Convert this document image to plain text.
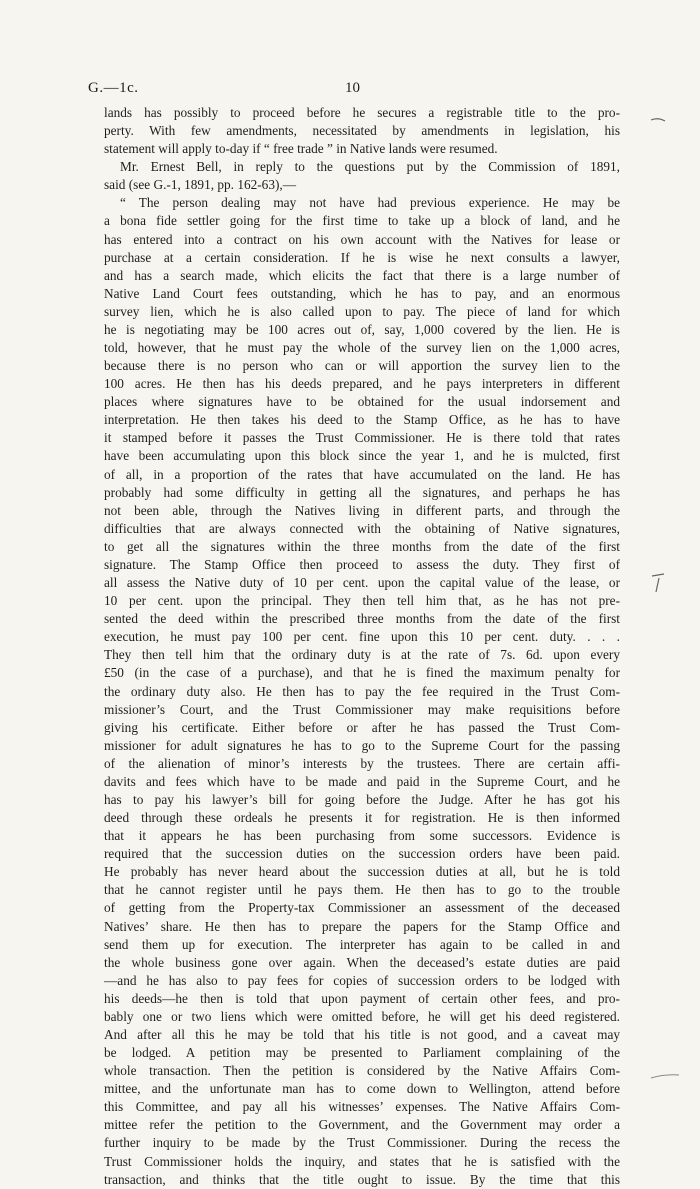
G.—1c.	10
lands has possibly to proceed before he secures a registrable title to the pro-
perty. With few amendments, necessitated by amendments in legislation, his
statement will apply to-day if “ free trade ” in Native lands were resumed.
Mr. Ernest Bell, in reply to the questions put by the Commission of 1891,
said (see G.-1, 1891, pp. 162-63),—
“ The person dealing may not have had previous experience. He may be
a bona fide settler going for the first time to take up a block of land, and he
has entered into a contract on his own account with the Natives for lease or
purchase at a certain consideration. If he is wise he next consults a lawyer,
and has a search made, which elicits the fact that there is a large number of
Native Land Court fees outstanding, which he has to pay, and an enormous
survey lien, which he is also called upon to pay. The piece of land for which
he is negotiating may be 100 acres out of, say, 1,000 covered by the lien. He is
told, however, that he must pay the whole of the survey lien on the 1,000 acres,
because there is no person who can or will apportion the survey lien to the
100 acres. He then has his deeds prepared, and he pays interpreters in different
places where signatures have to be obtained for the usual indorsement and
interpretation. He then takes his deed to the Stamp Office, as he has to have
it stamped before it passes the Trust Commissioner. He is there told that rates
have been accumulating upon this block since the year 1, and he is mulcted, first
of all, in a proportion of the rates that have accumulated on the land. He has
probably had some difficulty in getting all the signatures, and perhaps he has
not been able, through the Natives living in different parts, and through the
difficulties that are always connected with the obtaining of Native signatures,
to get all the signatures within the three months from the date of the first
signature. The Stamp Office then proceed to assess the duty. They first of
all assess the Native duty of 10 per cent. upon the capital value of the lease, or
10 per cent. upon the principal. They then tell him that, as he has not pre-
sented the deed within the prescribed three months from the date of the first
execution, he must pay 100 per cent. fine upon this 10 per cent. duty. . . .
They then tell him that the ordinary duty is at the rate of 7s. 6d. upon every
£50 (in the case of a purchase), and that he is fined the maximum penalty for
the ordinary duty also. He then has to pay the fee required in the Trust Com-
missioner’s Court, and the Trust Commissioner may make requisitions before
giving his certificate. Either before or after he has passed the Trust Com-
missioner for adult signatures he has to go to the Supreme Court for the passing
of the alienation of minor’s interests by the trustees. There are certain affi-
davits and fees which have to be made and paid in the Supreme Court, and he
has to pay his lawyer’s bill for going before the Judge. After he has got his
deed through these ordeals he presents it for registration. He is then informed
that it appears he has been purchasing from some successors. Evidence is
required that the succession duties on the succession orders have been paid.
He probably has never heard about the succession duties at all, but he is told
that he cannot register until he pays them. He then has to go to the trouble
of getting from the Property-tax Commissioner an assessment of the deceased
Natives’ share. He then has to prepare the papers for the Stamp Office and
send them up for execution. The interpreter has again to be called in and
the whole business gone over again. When the deceased’s estate duties are paid
—and he has also to pay fees for copies of succession orders to be lodged with
his deeds—he then is told that upon payment of certain other fees, and pro-
bably one or two liens which were omitted before, he will get his deed registered.
And after all this he may be told that his title is not good, and a caveat may
be lodged. A petition may be presented to Parliament complaining of the
whole transaction. Then the petition is considered by the Native Affairs Com-
mittee, and the unfortunate man has to come down to Wellington, attend before
this Committee, and pay all his witnesses’ expenses. The Native Affairs Com-
mittee refer the petition to the Government, and the Government may order a
further inquiry to be made by the Trust Commissioner. During the recess the
Trust Commissioner holds the inquiry, and states that he is satisfied with the
transaction, and thinks that the title ought to issue. By the time that this
